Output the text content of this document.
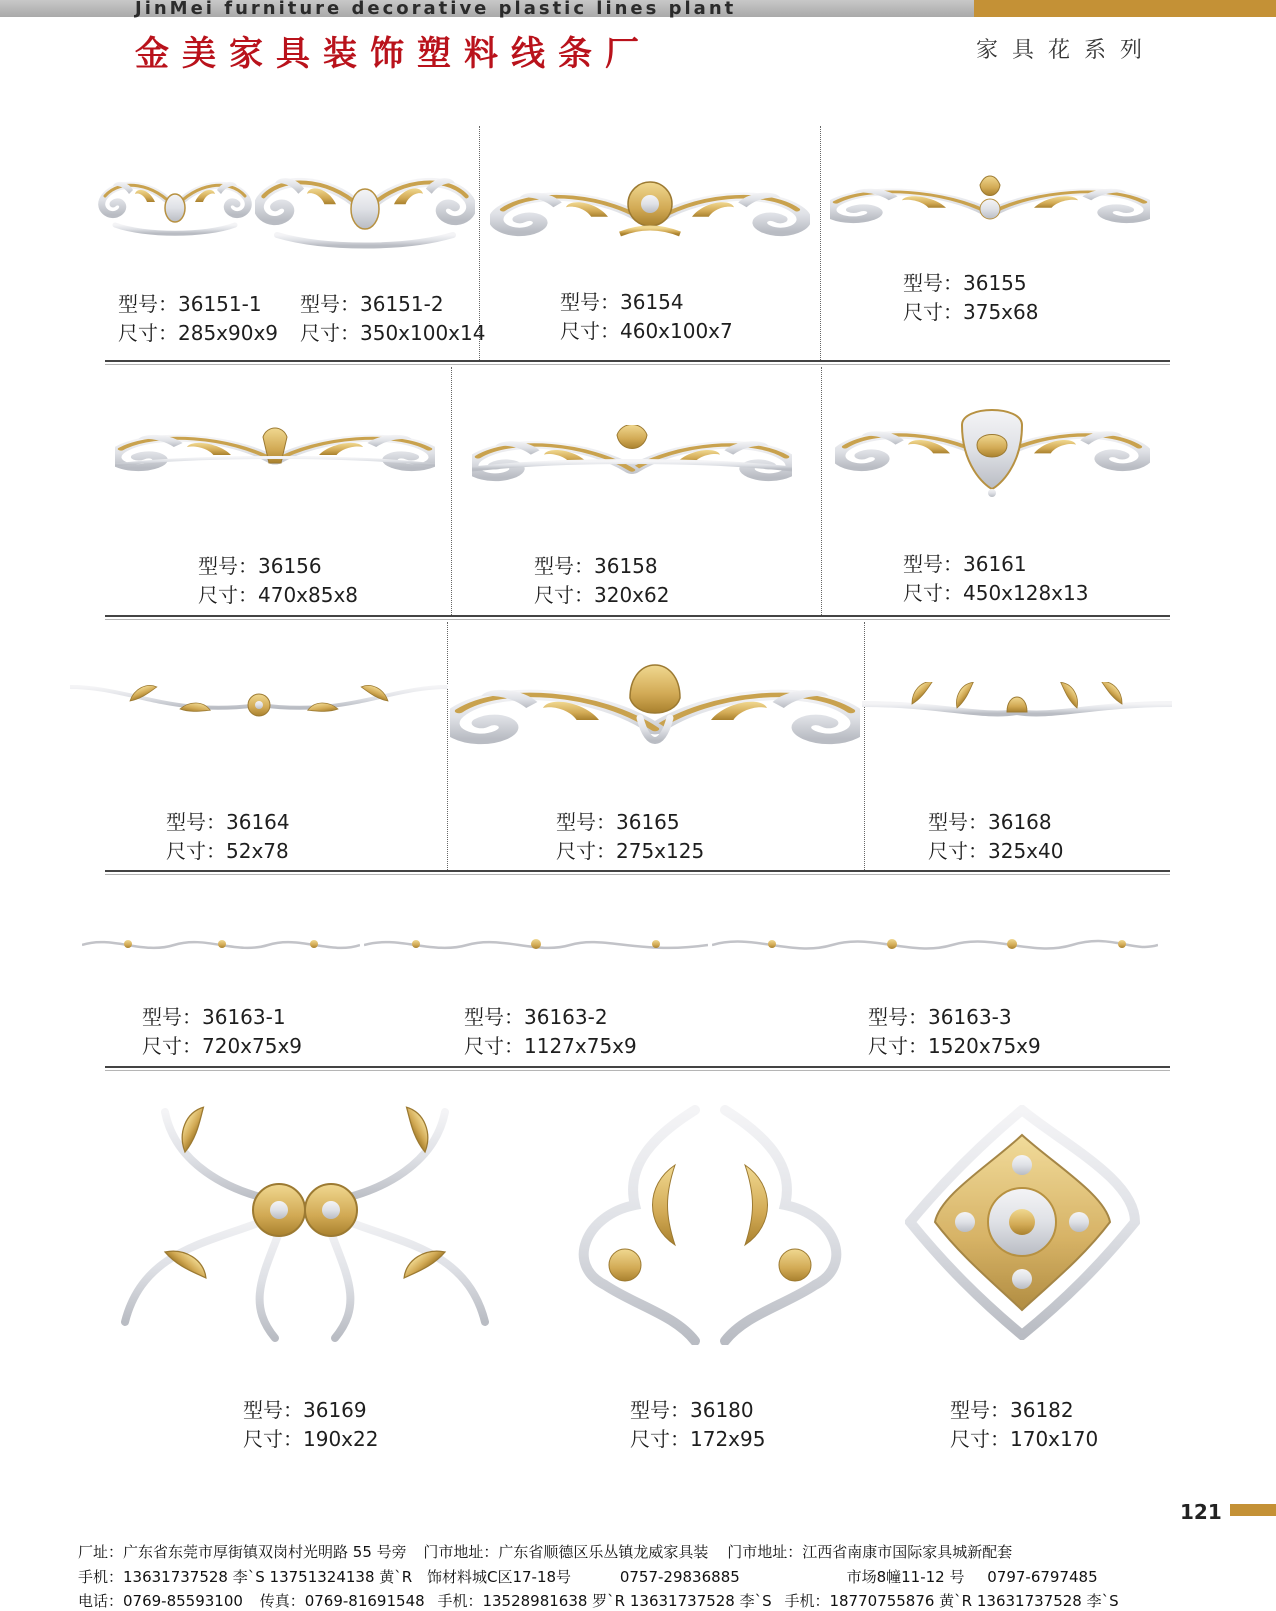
JinMei furniture decorative plastic lines plant
金美家具装饰塑料线条厂	家具花系列
型号：36151-1
尺寸：285x90x9
型号：36151-2
尺寸：350x100x14
型号：36154
尺寸：460x100x7
型号：36155
尺寸：375x68
型号：36156
尺寸：470x85x8
型号：36158
尺寸：320x62
型号：36161
尺寸：450x128x13
型号：36164
尺寸：52x78
型号：36165
尺寸：275x125
型号：36168
尺寸：325x40
型号：36163-1
尺寸：720x75x9
型号：36163-2
尺寸：1127x75x9
型号：36163-3
尺寸：1520x75x9
型号：36169
尺寸：190x22
型号：36180
尺寸：172x95
型号：36182
尺寸：170x170
121
厂址：广东省东莞市厚街镇双岗村光明路 55 号旁 门市地址：广东省顺德区乐丛镇龙威家具装 门市地址：江西省南康市国际家具城新配套
手机：13631737528 李`S 13751324138 黄`R 饰材料城C区17-18号	0757-29836885	市场8幢11-12 号 0797-6797485
电话：0769-85593100 传真：0769-81691548 手机：13528981638 罗`R 13631737528 李`S 手机：18770755876 黄`R 13631737528 李`S
